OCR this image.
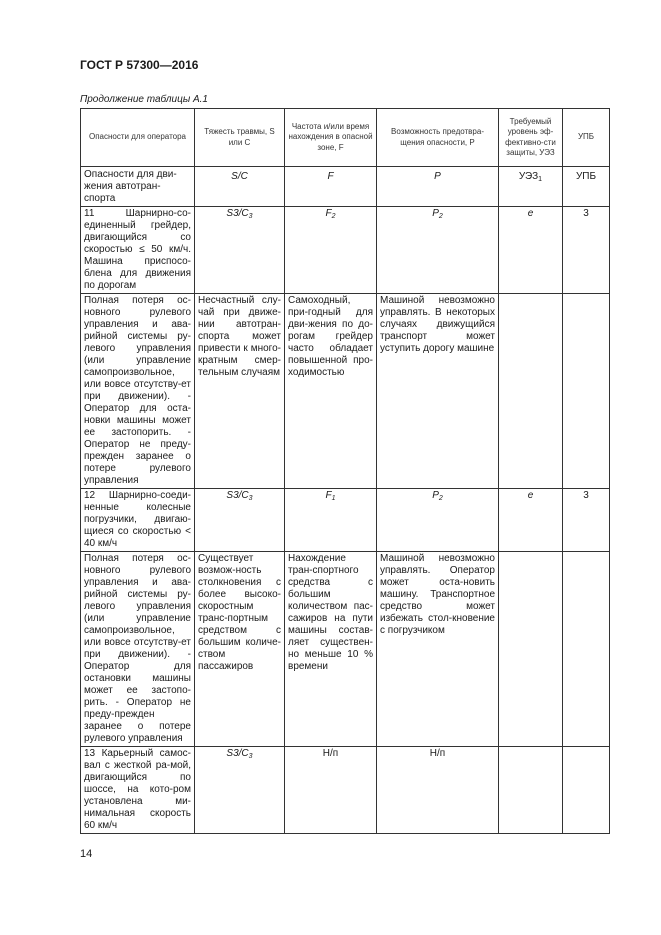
ГОСТ Р 57300—2016
Продолжение таблицы А.1
Опасности для оператора	Тяжесть травмы, S или C	Частота и/или время нахождения в опасной зоне, F	Возможность предотвра-щения опасности, P	Требуемый уровень эф-фективно-сти защиты, УЭЗ	УПБ
Опасности для дви-жения автотран-спорта	S/C	F	P	$УЭЗ_1$	УПБ
11 Шарнирно-со-единенный грейдер, двигающийся со скоростью ≤ 50 км/ч. Машина приспосо-блена для движения по дорогам	$S3/C_3$	$F_2$	$P_2$	e	3
Полная потеря ос-новного рулевого управления и ава-рийной системы ру-левого управления (или управление самопроизвольное, или вовсе отсутству-ет при движении). - Оператор для оста-новки машины может ее застопорить. - Оператор не преду-прежден заранее о потере рулевого управления	Несчастный слу-чай при движе-нии автотран-спорта может привести к много-кратным смер-тельным случаям	Самоходный, при-годный для дви-жения по до-рогам грейдер часто обладает повышенной про-ходимостью	Машиной невозможно управлять. В некоторых случаях движущийся транспорт может уступить дорогу машине		
12 Шарнирно-соеди-ненные колесные погрузчики, двигаю-щиеся со скоростью < 40 км/ч	$S3/C_3$	$F_1$	$P_2$	e	3
Полная потеря ос-новного рулевого управления и ава-рийной системы ру-левого управления (или управление самопроизвольное, или вовсе отсутству-ет при движении). - Оператор для остановки машины может ее застопо-рить. - Оператор не преду-прежден заранее о потере рулевого управления	Существует возмож-ность столкновения с более высоко-скоростным транс-портным средством с большим количе-ством пассажиров	Нахождение тран-спортного средства с большим количеством пас-сажиров на пути машины состав-ляет существен-но меньше 10 % времени	Машиной невозможно управлять. Оператор может оста-новить машину. Транспортное средство может избежать стол-кновение с погрузчиком		
13 Карьерный самос-вал с жесткой ра-мой, двигающийся по шоссе, на кото-ром установлена ми-нимальная скорость 60 км/ч	$S3/C_3$	Н/п	Н/п		
14
